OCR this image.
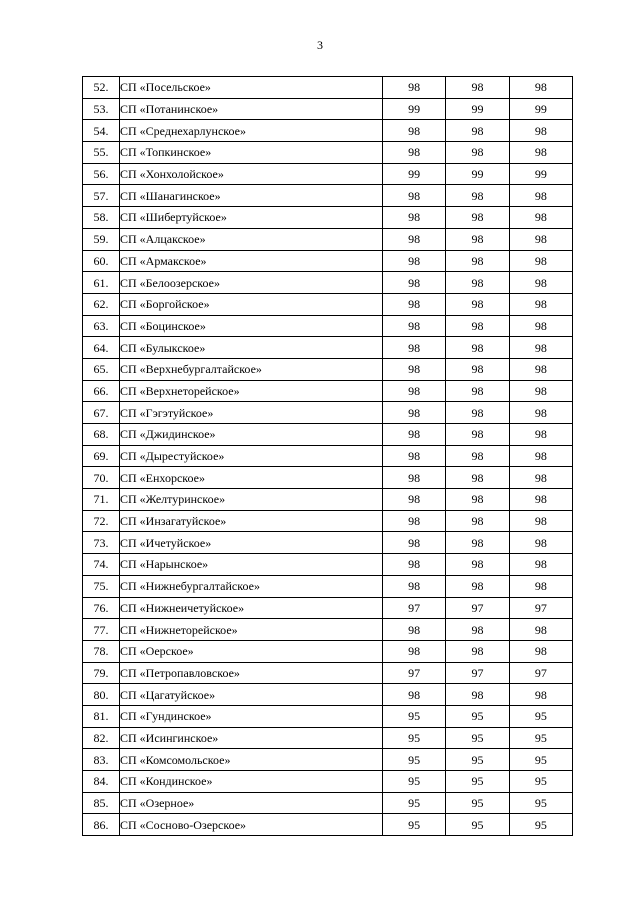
3
52.	СП «Посельское»	98	98	98
53.	СП «Потанинское»	99	99	99
54.	СП «Среднехарлунское»	98	98	98
55.	СП «Топкинское»	98	98	98
56.	СП «Хонхолойское»	99	99	99
57.	СП «Шанагинское»	98	98	98
58.	СП «Шибертуйское»	98	98	98
59.	СП «Алцакское»	98	98	98
60.	СП «Армакское»	98	98	98
61.	СП «Белоозерское»	98	98	98
62.	СП «Боргойское»	98	98	98
63.	СП «Боцинское»	98	98	98
64.	СП «Булыкское»	98	98	98
65.	СП «Верхнебургалтайское»	98	98	98
66.	СП «Верхнеторейское»	98	98	98
67.	СП «Гэгэтуйское»	98	98	98
68.	СП «Джидинское»	98	98	98
69.	СП «Дырестуйское»	98	98	98
70.	СП «Енхорское»	98	98	98
71.	СП «Желтуринское»	98	98	98
72.	СП «Инзагатуйское»	98	98	98
73.	СП «Ичетуйское»	98	98	98
74.	СП «Нарынское»	98	98	98
75.	СП «Нижнебургалтайское»	98	98	98
76.	СП «Нижнеичетуйское»	97	97	97
77.	СП «Нижнеторейское»	98	98	98
78.	СП «Оерское»	98	98	98
79.	СП «Петропавловское»	97	97	97
80.	СП «Цагатуйское»	98	98	98
81.	СП «Гундинское»	95	95	95
82.	СП «Исингинское»	95	95	95
83.	СП «Комсомольское»	95	95	95
84.	СП «Кондинское»	95	95	95
85.	СП «Озерное»	95	95	95
86.	СП «Сосново-Озерское»	95	95	95
